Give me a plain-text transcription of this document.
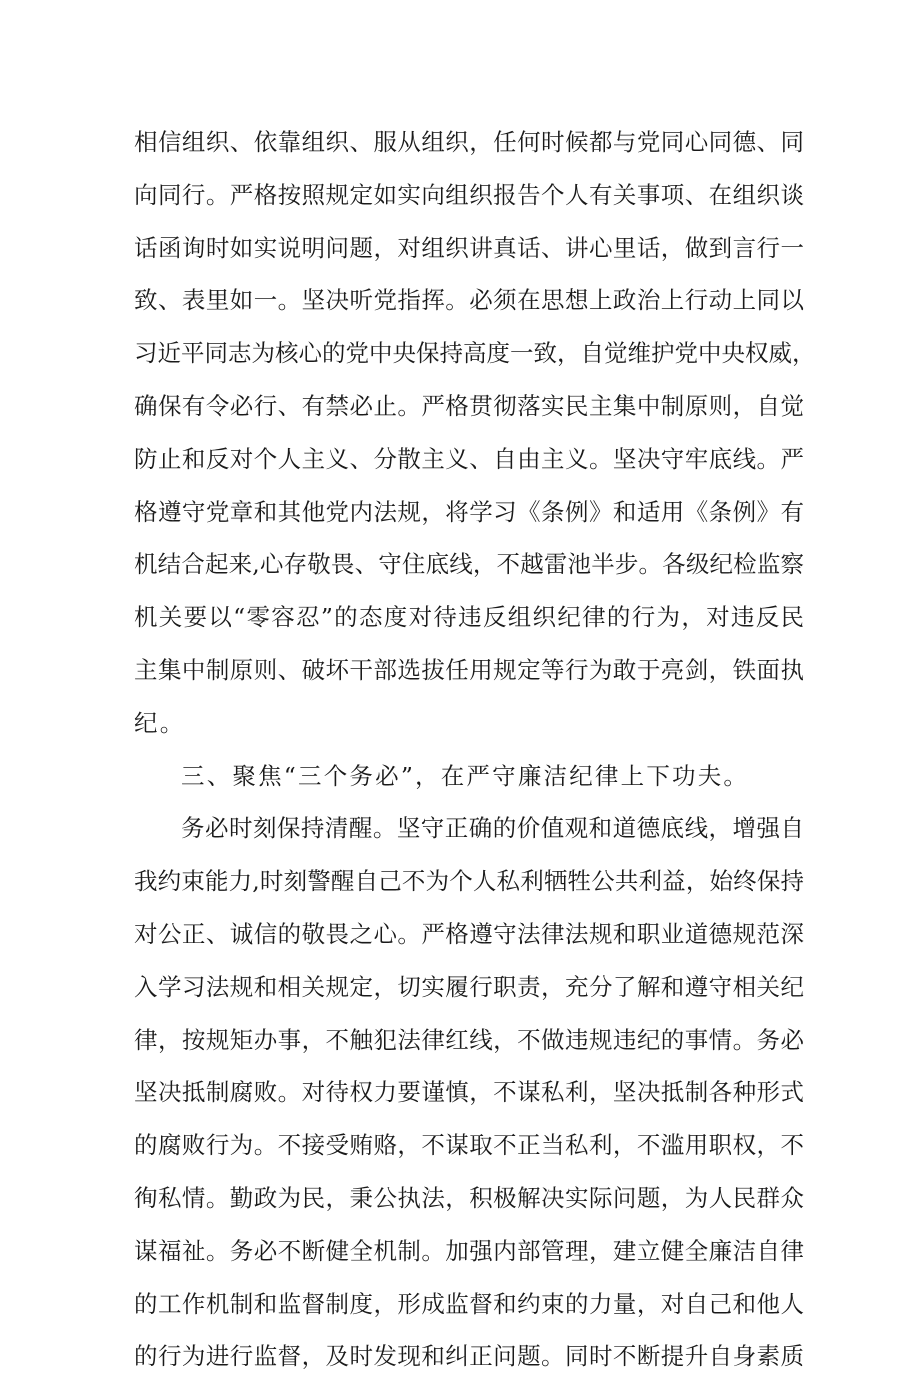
相信组织、依靠组织、服从组织，任何时候都与党同心同德、同
向同行。严格按照规定如实向组织报告个人有关事项、在组织谈
话函询时如实说明问题，对组织讲真话、讲心里话，做到言行一
致、表里如一。坚决听党指挥。必须在思想上政治上行动上同以
习近平同志为核心的党中央保持高度一致，自觉维护党中央权威，
确保有令必行、有禁必止。严格贯彻落实民主集中制原则，自觉
防止和反对个人主义、分散主义、自由主义。坚决守牢底线。严
格遵守党章和其他党内法规，将学习《条例》和适用《条例》有
机结合起来,心存敬畏、守住底线，不越雷池半步。各级纪检监察
机关要以“零容忍”的态度对待违反组织纪律的行为，对违反民
主集中制原则、破坏干部选拔任用规定等行为敢于亮剑，铁面执
纪。
三、聚焦“三个务必”，在严守廉洁纪律上下功夫。
务必时刻保持清醒。坚守正确的价值观和道德底线，增强自
我约束能力,时刻警醒自己不为个人私利牺牲公共利益，始终保持
对公正、诚信的敬畏之心。严格遵守法律法规和职业道德规范深
入学习法规和相关规定，切实履行职责，充分了解和遵守相关纪
律，按规矩办事，不触犯法律红线，不做违规违纪的事情。务必
坚决抵制腐败。对待权力要谨慎，不谋私利，坚决抵制各种形式
的腐败行为。不接受贿赂，不谋取不正当私利，不滥用职权，不
徇私情。勤政为民，秉公执法，积极解决实际问题，为人民群众
谋福祉。务必不断健全机制。加强内部管理，建立健全廉洁自律
的工作机制和监督制度，形成监督和约束的力量，对自己和他人
的行为进行监督，及时发现和纠正问题。同时不断提升自身素质
